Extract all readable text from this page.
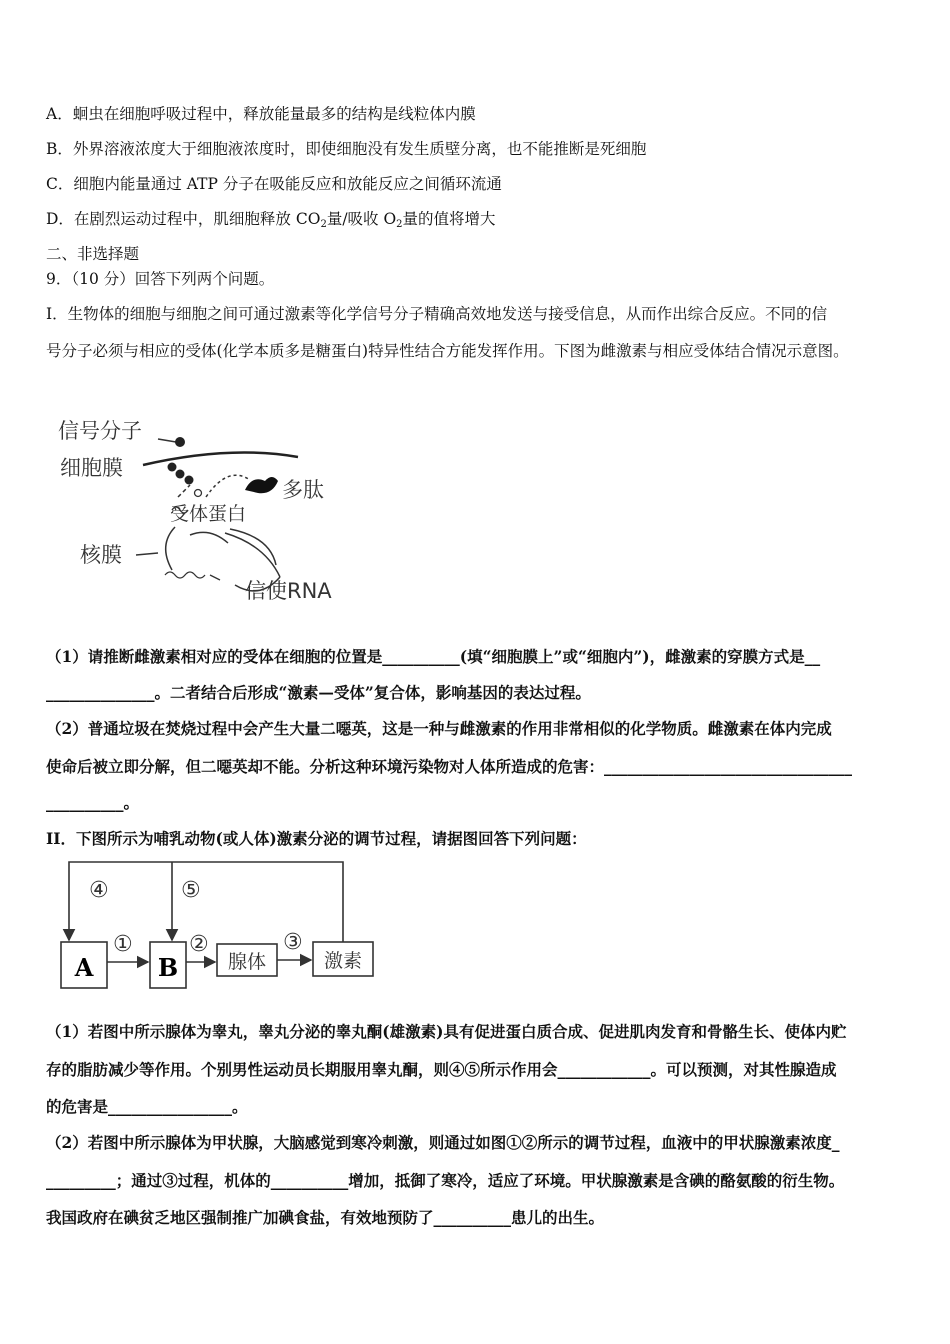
A．蛔虫在细胞呼吸过程中，释放能量最多的结构是线粒体内膜
B．外界溶液浓度大于细胞液浓度时，即使细胞没有发生质壁分离，也不能推断是死细胞
C．细胞内能量通过 ATP 分子在吸能反应和放能反应之间循环流通
D．在剧烈运动过程中，肌细胞释放 $CO_2$量/吸收 $O_2$量的值将增大
二、非选择题
9．（10 分）回答下列两个问题。
I．生物体的细胞与细胞之间可通过激素等化学信号分子精确高效地发送与接受信息，从而作出综合反应。不同的信
号分子必须与相应的受体(化学本质多是糖蛋白)特异性结合方能发挥作用。下图为雌激素与相应受体结合情况示意图。
信号分子
细胞膜
多肽
受体蛋白
核膜
信使RNA
（1）请推断雌激素相对应的受体在细胞的位置是__________(填“细胞膜上”或“细胞内”)，雌激素的穿膜方式是__
______________。二者结合后形成“激素—受体”复合体，影响基因的表达过程。
（2）普通垃圾在焚烧过程中会产生大量二噁英，这是一种与雌激素的作用非常相似的化学物质。雌激素在体内完成
使命后被立即分解，但二噁英却不能。分析这种环境污染物对人体所造成的危害：________________________________
__________。
II．下图所示为哺乳动物(或人体)激素分泌的调节过程，请据图回答下列问题：
④	⑤
A
①
B
②
腺体
③
激素
（1）若图中所示腺体为睾丸，睾丸分泌的睾丸酮(雄激素)具有促进蛋白质合成、促进肌肉发育和骨骼生长、使体内贮
存的脂肪减少等作用。个别男性运动员长期服用睾丸酮，则④⑤所示作用会____________。可以预测，对其性腺造成
的危害是________________。
（2）若图中所示腺体为甲状腺，大脑感觉到寒冷刺激，则通过如图①②所示的调节过程，血液中的甲状腺激素浓度_
_________；通过③过程，机体的__________增加，抵御了寒冷，适应了环境。甲状腺激素是含碘的酪氨酸的衍生物。
我国政府在碘贫乏地区强制推广加碘食盐，有效地预防了__________患儿的出生。
